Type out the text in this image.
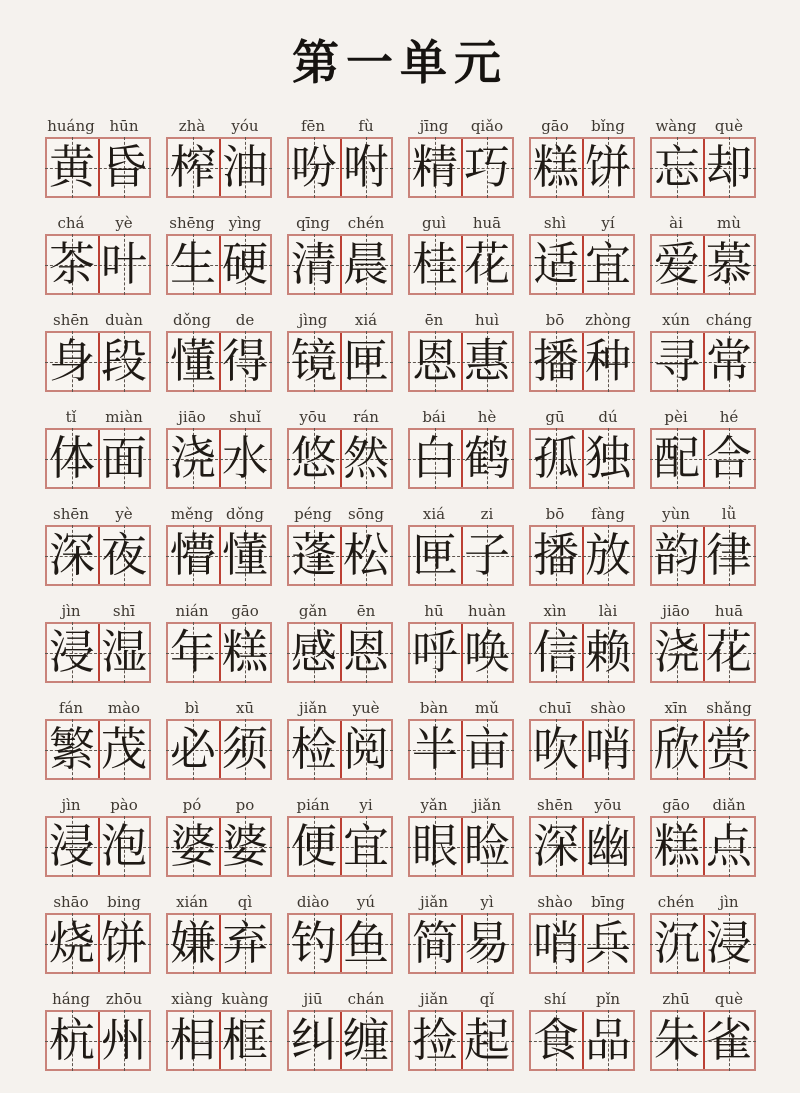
第一单元
huáng hūn
黄 昏
zhà	yóu
榨 油
fēn	fù
吩 咐
jīng	qiǎo
精 巧
gāo	bǐng
糕 饼
wàng	què
忘 却
chá	yè
茶 叶
shēng yìng
生 硬
qīng	chén
清 晨
guì	huā
桂 花
shì	yí
适 宜
ài	mù
爱 慕
shēn	duàn
身 段
dǒng	de
懂 得
jìng	xiá
镜 匣
ēn	huì
恩 惠
bō	zhòng
播 种
xún	cháng
寻 常
tǐ	miàn
体 面
jiāo	shuǐ
浇 水
yōu	rán
悠 然
bái	hè
白 鹤
gū	dú
孤 独
pèi	hé
配 合
shēn	yè
深 夜
měng dǒng
懵 懂
péng	sōng
蓬 松
xiá	zi
匣 子
bō	fàng
播 放
yùn	lǜ
韵 律
jìn	shī
浸 湿
nián	gāo
年 糕
gǎn	ēn
感 恩
hū	huàn
呼 唤
xìn	lài
信 赖
jiāo	huā
浇 花
fán	mào
繁 茂
bì	xū
必 须
jiǎn	yuè
检 阅
bàn	mǔ
半 亩
chuī	shào
吹 哨
xīn	shǎng
欣 赏
jìn	pào
浸 泡
pó	po
婆 婆
pián	yi
便 宜
yǎn	jiǎn
眼 睑
shēn	yōu
深 幽
gāo	diǎn
糕 点
shāo	bing
烧 饼
xián	qì
嫌 弃
diào	yú
钓 鱼
jiǎn	yì
简 易
shào	bīng
哨 兵
chén	jìn
沉 浸
háng	zhōu
杭 州
xiàng kuàng
相 框
jiū	chán
纠 缠
jiǎn	qǐ
捡 起
shí	pǐn
食 品
zhū	què
朱 雀
